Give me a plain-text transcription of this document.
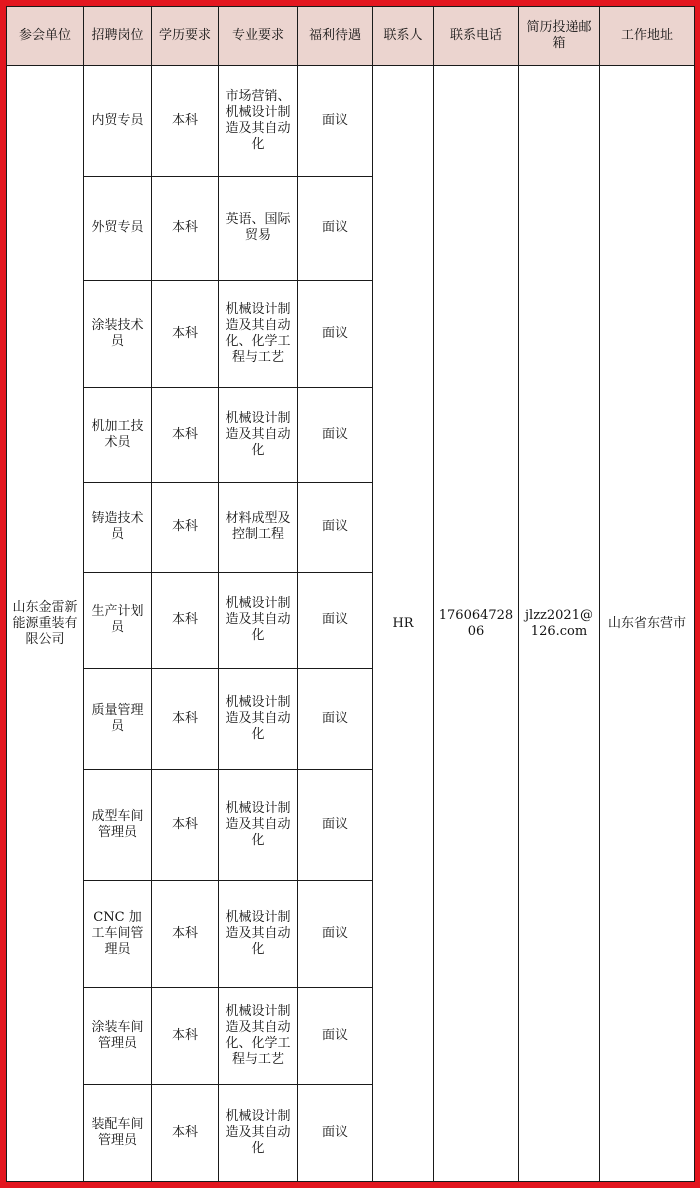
参会单位	招聘岗位	学历要求	专业要求	福利待遇	联系人	联系电话	简历投递邮箱	工作地址
山东金雷新能源重装有限公司	内贸专员	本科	市场营销、机械设计制造及其自动化	面议	HR	17606472806	jlzz2021@126.com	山东省东营市
	外贸专员	本科	英语、国际贸易	面议				
	涂装技术员	本科	机械设计制造及其自动化、化学工程与工艺	面议				
	机加工技术员	本科	机械设计制造及其自动化	面议				
	铸造技术员	本科	材料成型及控制工程	面议				
	生产计划员	本科	机械设计制造及其自动化	面议				
	质量管理员	本科	机械设计制造及其自动化	面议				
	成型车间管理员	本科	机械设计制造及其自动化	面议				
	CNC 加工车间管理员	本科	机械设计制造及其自动化	面议				
	涂装车间管理员	本科	机械设计制造及其自动化、化学工程与工艺	面议				
	装配车间管理员	本科	机械设计制造及其自动化	面议				
